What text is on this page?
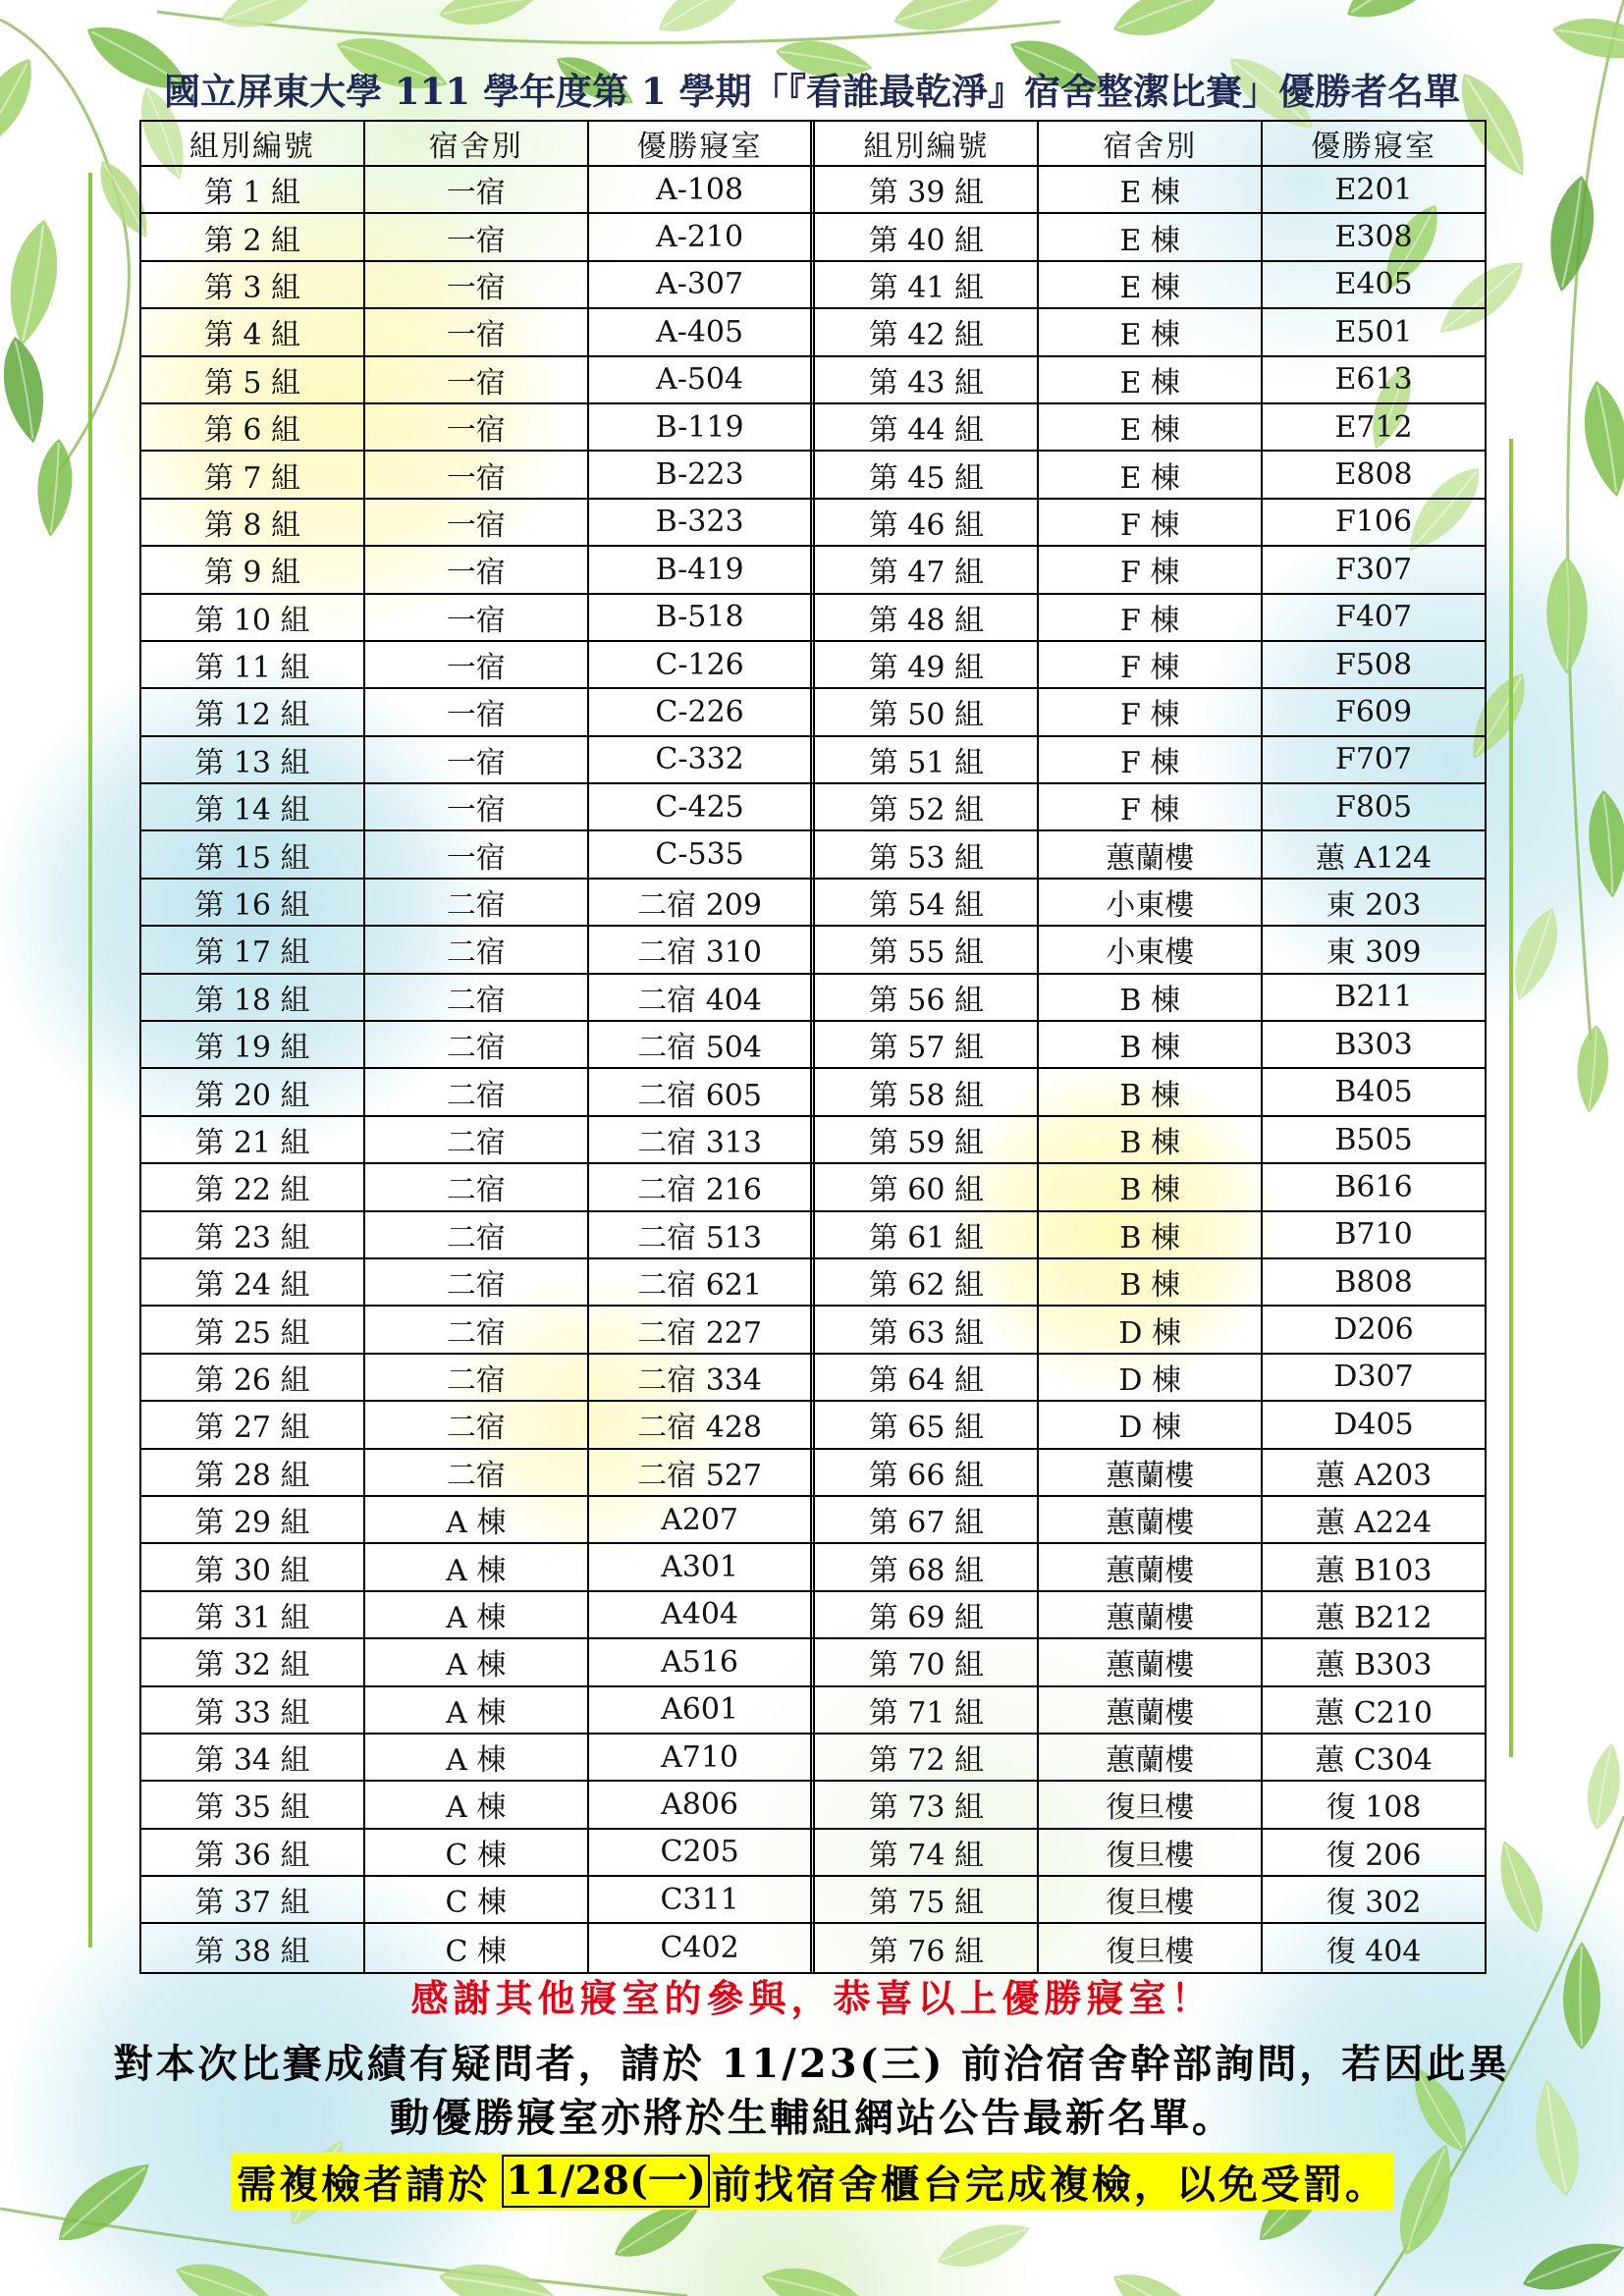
國立屏東大學 111 學年度第 1 學期「『看誰最乾淨』宿舍整潔比賽」優勝者名單
組別編號	宿舍別	優勝寢室	組別編號	宿舍別	優勝寢室
第 1 組	一宿	A-108	第 39 組	E 棟	E201
第 2 組	一宿	A-210	第 40 組	E 棟	E308
第 3 組	一宿	A-307	第 41 組	E 棟	E405
第 4 組	一宿	A-405	第 42 組	E 棟	E501
第 5 組	一宿	A-504	第 43 組	E 棟	E613
第 6 組	一宿	B-119	第 44 組	E 棟	E712
第 7 組	一宿	B-223	第 45 組	E 棟	E808
第 8 組	一宿	B-323	第 46 組	F 棟	F106
第 9 組	一宿	B-419	第 47 組	F 棟	F307
第 10 組	一宿	B-518	第 48 組	F 棟	F407
第 11 組	一宿	C-126	第 49 組	F 棟	F508
第 12 組	一宿	C-226	第 50 組	F 棟	F609
第 13 組	一宿	C-332	第 51 組	F 棟	F707
第 14 組	一宿	C-425	第 52 組	F 棟	F805
第 15 組	一宿	C-535	第 53 組	蕙蘭樓	蕙 A124
第 16 組	二宿	二宿 209	第 54 組	小東樓	東 203
第 17 組	二宿	二宿 310	第 55 組	小東樓	東 309
第 18 組	二宿	二宿 404	第 56 組	B 棟	B211
第 19 組	二宿	二宿 504	第 57 組	B 棟	B303
第 20 組	二宿	二宿 605	第 58 組	B 棟	B405
第 21 組	二宿	二宿 313	第 59 組	B 棟	B505
第 22 組	二宿	二宿 216	第 60 組	B 棟	B616
第 23 組	二宿	二宿 513	第 61 組	B 棟	B710
第 24 組	二宿	二宿 621	第 62 組	B 棟	B808
第 25 組	二宿	二宿 227	第 63 組	D 棟	D206
第 26 組	二宿	二宿 334	第 64 組	D 棟	D307
第 27 組	二宿	二宿 428	第 65 組	D 棟	D405
第 28 組	二宿	二宿 527	第 66 組	蕙蘭樓	蕙 A203
第 29 組	A 棟	A207	第 67 組	蕙蘭樓	蕙 A224
第 30 組	A 棟	A301	第 68 組	蕙蘭樓	蕙 B103
第 31 組	A 棟	A404	第 69 組	蕙蘭樓	蕙 B212
第 32 組	A 棟	A516	第 70 組	蕙蘭樓	蕙 B303
第 33 組	A 棟	A601	第 71 組	蕙蘭樓	蕙 C210
第 34 組	A 棟	A710	第 72 組	蕙蘭樓	蕙 C304
第 35 組	A 棟	A806	第 73 組	復旦樓	復 108
第 36 組	C 棟	C205	第 74 組	復旦樓	復 206
第 37 組	C 棟	C311	第 75 組	復旦樓	復 302
第 38 組	C 棟	C402	第 76 組	復旦樓	復 404
感謝其他寢室的參與，恭喜以上優勝寢室！
對本次比賽成績有疑問者，請於 11/23(三) 前洽宿舍幹部詢問，若因此異
動優勝寢室亦將於生輔組網站公告最新名單。
需複檢者請於 11/28(一) 前找宿舍櫃台完成複檢，以免受罰。
